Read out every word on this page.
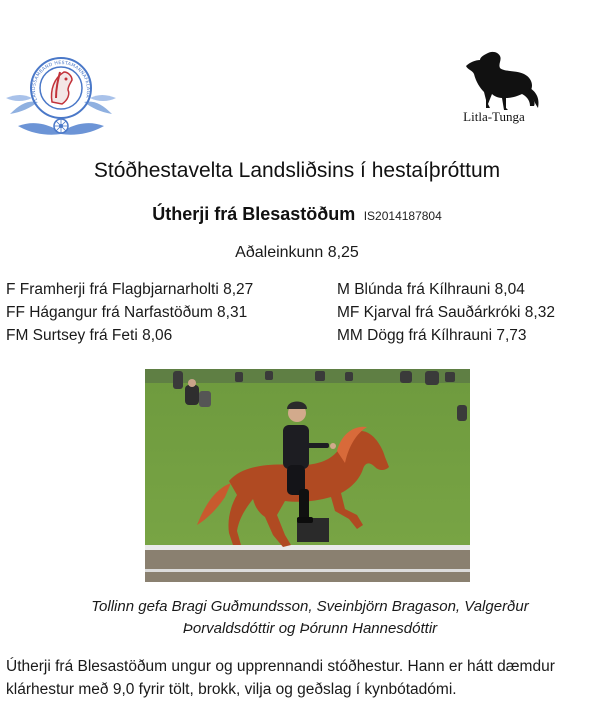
LANDSSAMBAND HESTAMANNAFÉLAGA
Litla-Tunga
Stóðhestavelta Landsliðsins í hestaíþróttum
Útherji frá Blesastöðum IS2014187804
Aðaleinkunn 8,25
F Framherji frá Flagbjarnarholti 8,27	M Blúnda frá Kílhrauni 8,04
FF Hágangur frá Narfastöðum 8,31	MF Kjarval frá Sauðárkróki 8,32
FM Surtsey frá Feti 8,06	MM Dögg frá Kílhrauni 7,73
Tollinn gefa Bragi Guðmundsson, Sveinbjörn Bragason, Valgerður Þorvaldsdóttir og Þórunn Hannesdóttir
Útherji frá Blesastöðum ungur og upprennandi stóðhestur. Hann er hátt dæmdur klárhestur með 9,0 fyrir tölt, brokk, vilja og geðslag í kynbótadómi.
